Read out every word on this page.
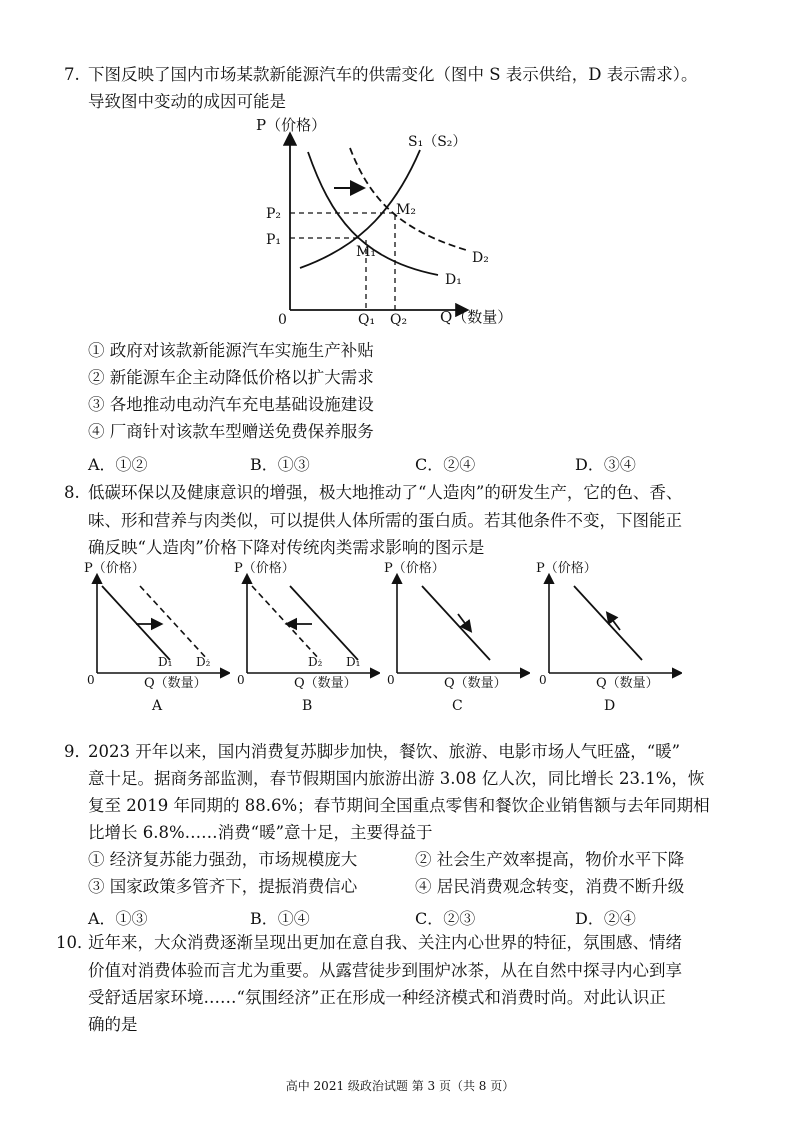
7. 下图反映了国内市场某款新能源汽车的供需变化（图中 S 表示供给，D 表示需求）。
导致图中变动的成因可能是
P（价格）
0	Q（数量）
S₁（S₂）
D₁
D₂
P₂
P₁
Q₁ Q₂
M₂
M₁
① 政府对该款新能源汽车实施生产补贴
② 新能源车企主动降低价格以扩大需求
③ 各地推动电动汽车充电基础设施建设
④ 厂商针对该款车型赠送免费保养服务
A．①②	B．①③	C．②④	D．③④
8. 低碳环保以及健康意识的增强，极大地推动了“人造肉”的研发生产，它的色、香、
味、形和营养与肉类似，可以提供人体所需的蛋白质。若其他条件不变，下图能正
确反映“人造肉”价格下降对传统肉类需求影响的图示是
P（价格）
0	Q（数量）
D₁ D₂
A
P（价格）
0	Q（数量）
D₂ D₁
B
P（价格）
0	Q（数量）
C
P（价格）
0	Q（数量）
D
9．
2023 开年以来，国内消费复苏脚步加快，餐饮、旅游、电影市场人气旺盛，“暖”
意十足。据商务部监测，春节假期国内旅游出游 3.08 亿人次，同比增长 23.1%，恢
复至 2019 年同期的 88.6%；春节期间全国重点零售和餐饮企业销售额与去年同期相
比增长 6.8%……消费“暖”意十足，主要得益于
① 经济复苏能力强劲，市场规模庞大	② 社会生产效率提高，物价水平下降
③ 国家政策多管齐下，提振消费信心	④ 居民消费观念转变，消费不断升级
A．①③	B．①④	C．②③	D．②④
10．
近年来，大众消费逐渐呈现出更加在意自我、关注内心世界的特征，氛围感、情绪
价值对消费体验而言尤为重要。从露营徒步到围炉冰茶，从在自然中探寻内心到享
受舒适居家环境……“氛围经济”正在形成一种经济模式和消费时尚。对此认识正
确的是
高中 2021 级政治试题 第 3 页（共 8 页）
